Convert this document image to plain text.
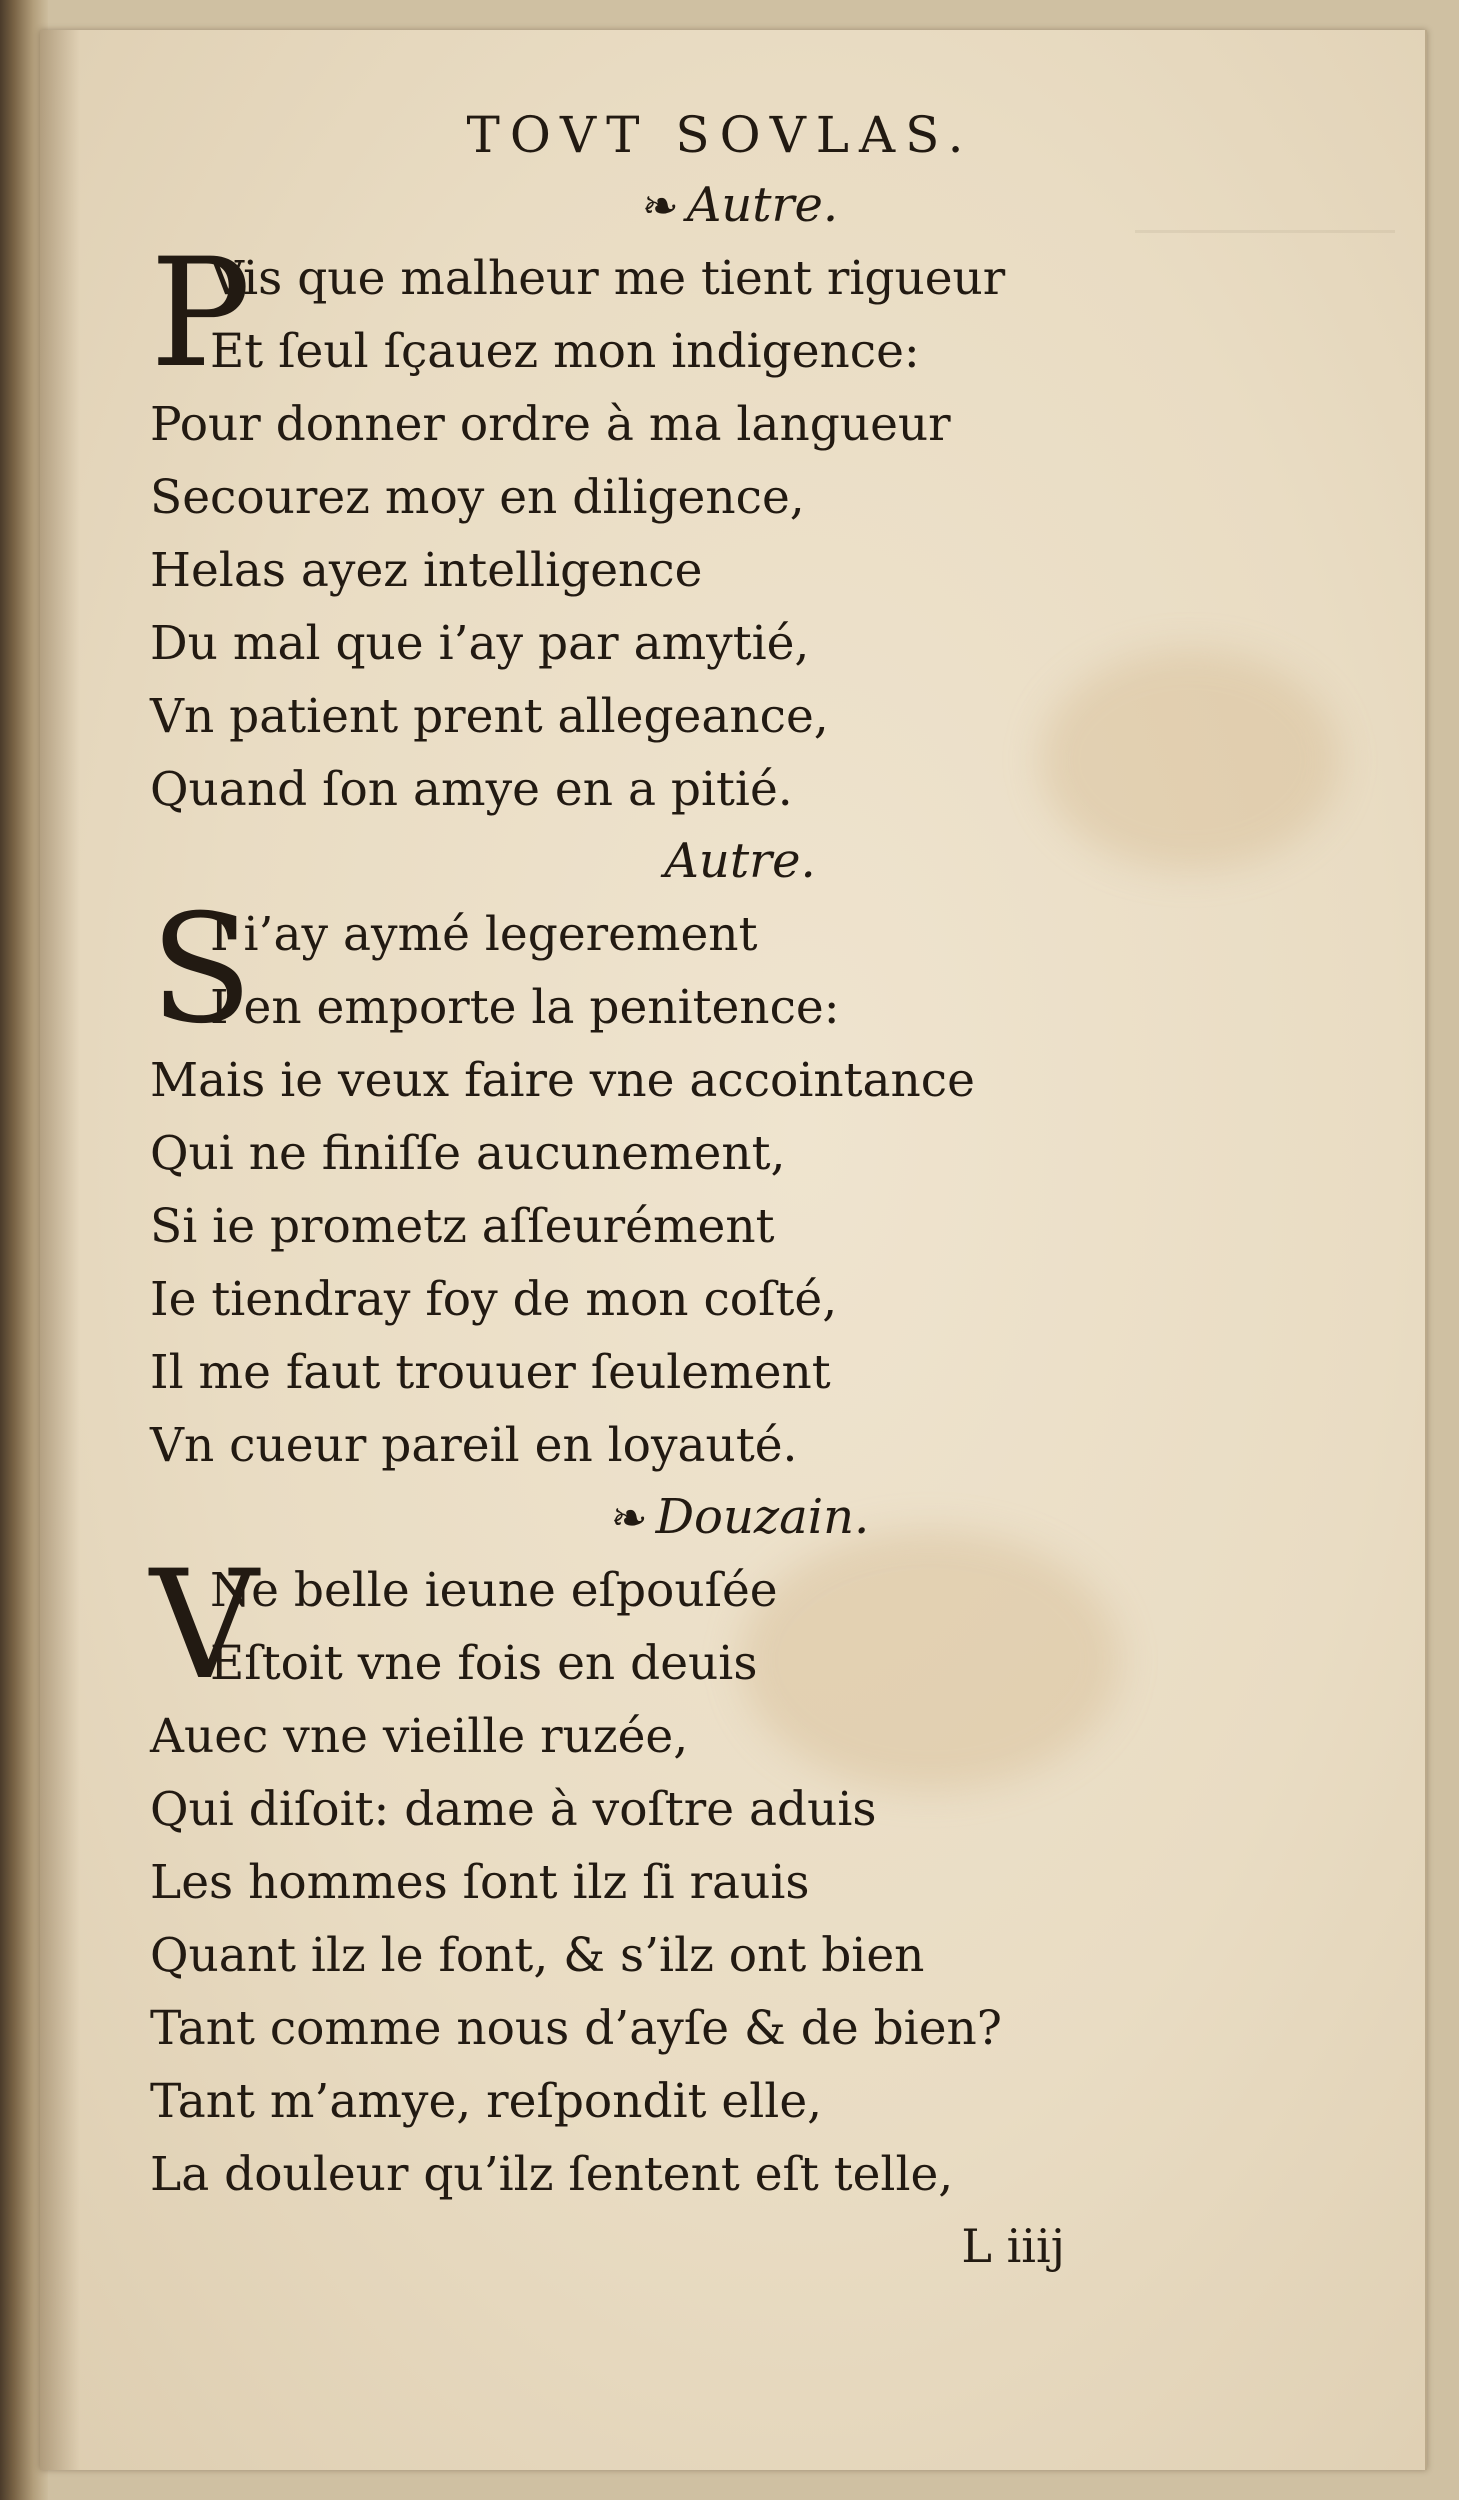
TOVT SOVLAS.
❧ Autre.
P
Vis que malheur me tient rigueur
Et ſeul ſçauez mon indigence:
Pour donner ordre à ma langueur
Secourez moy en diligence,
Helas ayez intelligence
Du mal que i’ay par amytié,
Vn patient prent allegeance,
Quand ſon amye en a pitié.
Autre.
S
I i’ay aymé legerement
I’en emporte la penitence:
Mais ie veux faire vne accointance
Qui ne finiſſe aucunement,
Si ie prometz aſſeurément
Ie tiendray foy de mon coſté,
Il me faut trouuer ſeulement
Vn cueur pareil en loyauté.
❧ Douzain.
V
Ne belle ieune eſpouſée
Eſtoit vne fois en deuis
Auec vne vieille ruzée,
Qui diſoit: dame à voſtre aduis
Les hommes ſont ilz ſi rauis
Quant ilz le font, & s’ilz ont bien
Tant comme nous d’ayſe & de bien?
Tant m’amye, reſpondit elle,
La douleur qu’ilz ſentent eſt telle,
L iiij
